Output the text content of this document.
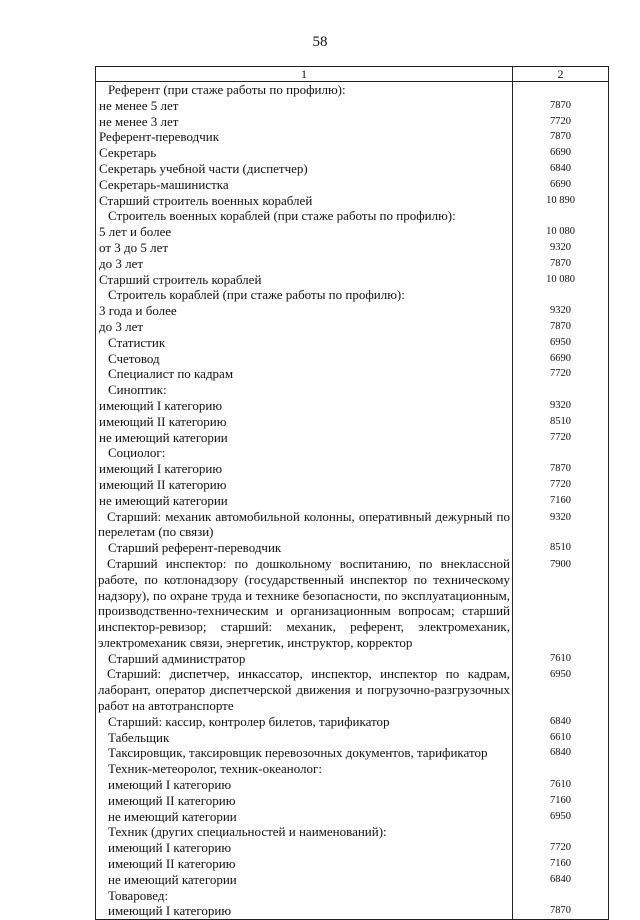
58
1	2
Референт (при стаже работы по профилю):	
не менее 5 лет	7870
не менее 3 лет	7720
Референт-переводчик	7870
Секретарь	6690
Секретарь учебной части (диспетчер)	6840
Секретарь-машинистка	6690
Старший строитель военных кораблей	10 890
Строитель военных кораблей (при стаже работы по профилю):	
5 лет и более	10 080
от 3 до 5 лет	9320
до 3 лет	7870
Старший строитель кораблей	10 080
Строитель кораблей (при стаже работы по профилю):	
3 года и более	9320
до 3 лет	7870
Статистик	6950
Счетовод	6690
Специалист по кадрам	7720
Синоптик:	
имеющий I категорию	9320
имеющий II категорию	8510
не имеющий категории	7720
Социолог:	
имеющий I категорию	7870
имеющий II категорию	7720
не имеющий категории	7160
Старший: механик автомобильной колонны, оперативный дежурный по перелетам (по связи)	9320
Старший референт-переводчик	8510
Старший инспектор: по дошкольному воспитанию, по внеклассной работе, по котлонадзору (государственный инспектор по техническому надзору), по охране труда и технике безопасности, по эксплуатационным, производственно-техническим и организационным вопросам; старший инспектор-ревизор; старший: механик, референт, электромеханик, электромеханик связи, энергетик, инструктор, корректор	7900
Старший администратор	7610
Старший: диспетчер, инкассатор, инспектор, инспектор по кадрам, лаборант, оператор диспетчерской движения и погрузочно-разгрузочных работ на автотранспорте	6950
Старший: кассир, контролер билетов, тарификатор	6840
Табельщик	6610
Таксировщик, таксировщик перевозочных документов, тарификатор	6840
Техник-метеоролог, техник-океанолог:	
имеющий I категорию	7610
имеющий II категорию	7160
не имеющий категории	6950
Техник (других специальностей и наименований):	
имеющий I категорию	7720
имеющий II категорию	7160
не имеющий категории	6840
Товаровед:	
имеющий I категорию	7870
